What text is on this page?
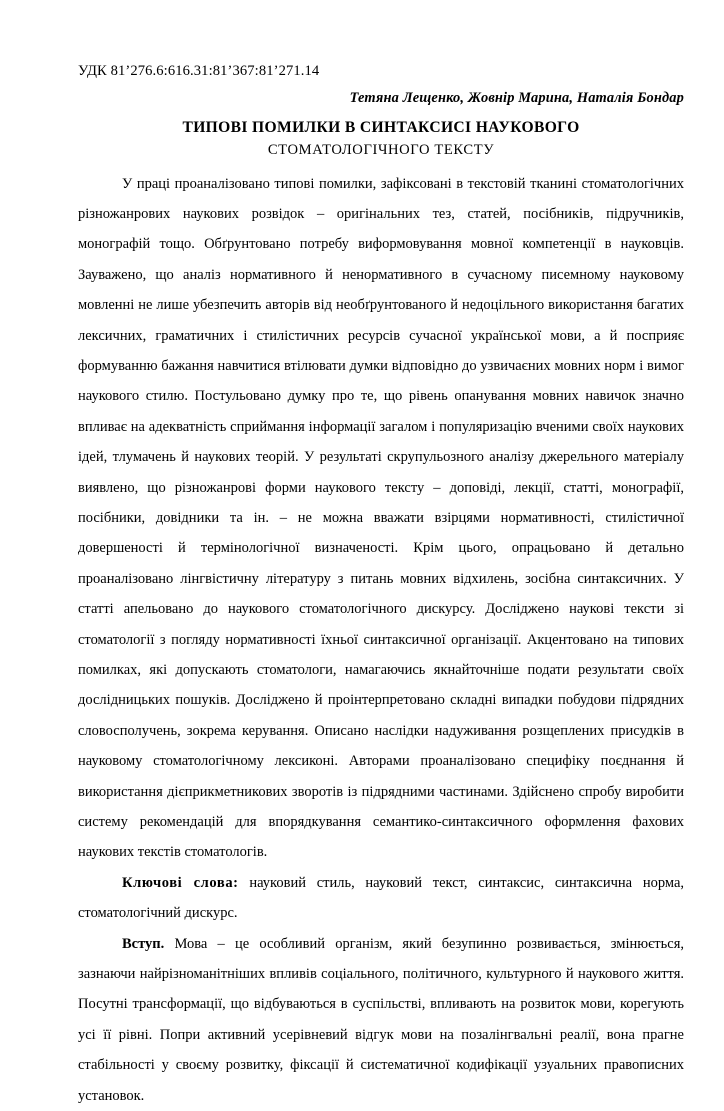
УДК 81’276.6:616.31:81’367:81’271.14

Тетяна Лещенко, Жовнір Марина, Наталія Бондар

ТИПОВІ ПОМИЛКИ В СИНТАКСИСІ НАУКОВОГО
СТОМАТОЛОГІЧНОГО ТЕКСТУ

У праці проаналізовано типові помилки, зафіксовані в текстовій тканині стоматологічних різножанрових наукових розвідок – оригінальних тез, статей, посібників, підручників, монографій тощо. Обґрунтовано потребу виформовування мовної компетенції в науковців. Зауважено, що аналіз нормативного й ненормативного в сучасному писемному науковому мовленні не лише убезпечить авторів від необґрунтованого й недоцільного використання багатих лексичних, граматичних і стилістичних ресурсів сучасної української мови, а й посприяє формуванню бажання навчитися втілювати думки відповідно до узвичаєних мовних норм і вимог наукового стилю. Постульовано думку про те, що рівень опанування мовних навичок значно впливає на адекватність сприймання інформації загалом і популяризацію вченими своїх наукових ідей, тлумачень й наукових теорій. У результаті скрупульозного аналізу джерельного матеріалу виявлено, що різножанрові форми наукового тексту – доповіді, лекції, статті, монографії, посібники, довідники та ін. – не можна вважати взірцями нормативності, стилістичної довершеності й термінологічної визначеності. Крім цього, опрацьовано й детально проаналізовано лінгвістичну літературу з питань мовних відхилень, зосібна синтаксичних. У статті апельовано до наукового стоматологічного дискурсу. Досліджено наукові тексти зі стоматології з погляду нормативності їхньої синтаксичної організації. Акцентовано на типових помилках, які допускають стоматологи, намагаючись якнайточніше подати результати своїх дослідницьких пошуків. Досліджено й проінтерпретовано складні випадки побудови підрядних словосполучень, зокрема керування. Описано наслідки надуживання розщеплених присудків в науковому стоматологічному лексиконі. Авторами проаналізовано специфіку поєднання й використання дієприкметникових зворотів із підрядними частинами. Здійснено спробу виробити систему рекомендацій для впорядкування семантико-синтаксичного оформлення фахових наукових текстів стоматологів.

Ключові слова: науковий стиль, науковий текст, синтаксис, синтаксична норма, стоматологічний дискурс.

Вступ. Мова – це особливий організм, який безупинно розвивається, змінюється, зазнаючи найрізноманітніших впливів соціального, політичного, культурного й наукового життя. Посутні трансформації, що відбуваються в суспільстві, впливають на розвиток мови, корегують усі її рівні. Попри активний усерівневий відгук мови на позалінгвальні реалії, вона прагне стабільності у своєму розвитку, фіксації й систематичної кодифікації узуальних правописних установок.
